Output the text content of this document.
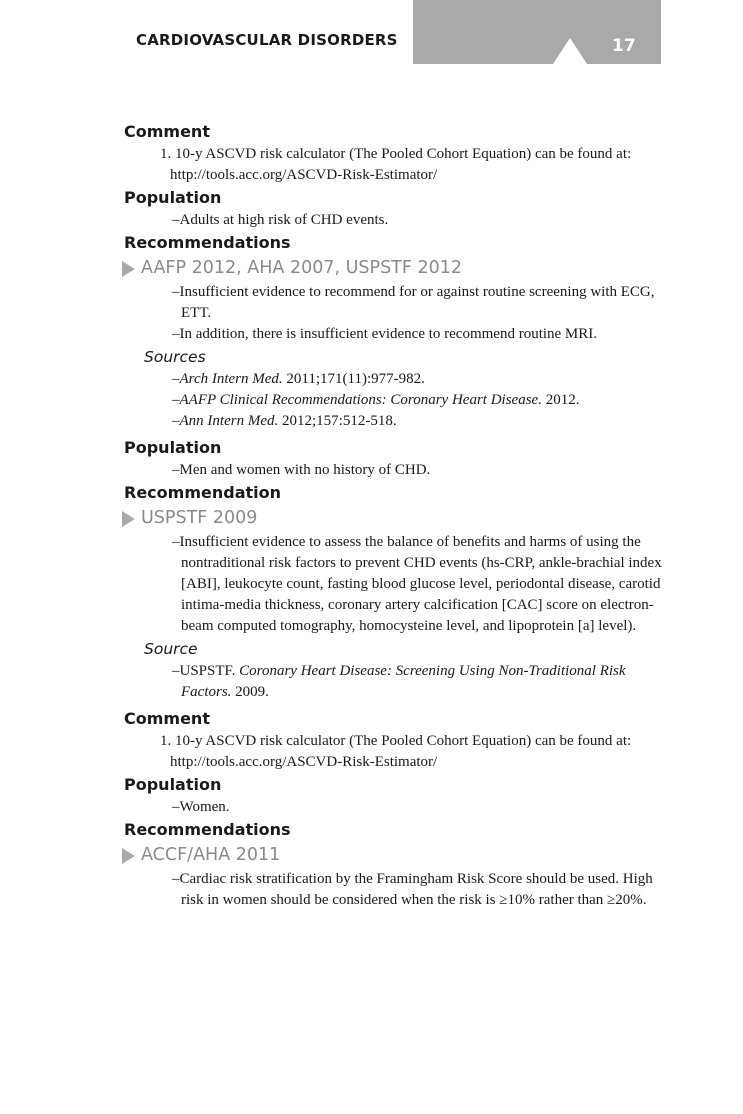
CARDIOVASCULAR DISORDERS	17

Comment

1. 10-y ASCVD risk calculator (The Pooled Cohort Equation) can be found at: http://tools.acc.org/ASCVD-Risk-Estimator/

Population

–Adults at high risk of CHD events.

Recommendations

AAFP 2012, AHA 2007, USPSTF 2012

–Insufficient evidence to recommend for or against routine screening with ECG, ETT.

–In addition, there is insufficient evidence to recommend routine MRI.

Sources

–Arch Intern Med. 2011;171(11):977-982.

–AAFP Clinical Recommendations: Coronary Heart Disease. 2012.

–Ann Intern Med. 2012;157:512-518.

Population

–Men and women with no history of CHD.

Recommendation

USPSTF 2009

–Insufficient evidence to assess the balance of benefits and harms of using the nontraditional risk factors to prevent CHD events (hs-CRP, ankle-brachial index [ABI], leukocyte count, fasting blood glucose level, periodontal disease, carotid intima-media thickness, coronary artery calcification [CAC] score on electron-beam computed tomography, homocysteine level, and lipoprotein [a] level).

Source

–USPSTF. Coronary Heart Disease: Screening Using Non-Traditional Risk Factors. 2009.

Comment

1. 10-y ASCVD risk calculator (The Pooled Cohort Equation) can be found at: http://tools.acc.org/ASCVD-Risk-Estimator/

Population

–Women.

Recommendations

ACCF/AHA 2011

–Cardiac risk stratification by the Framingham Risk Score should be used. High risk in women should be considered when the risk is ≥10% rather than ≥20%.
